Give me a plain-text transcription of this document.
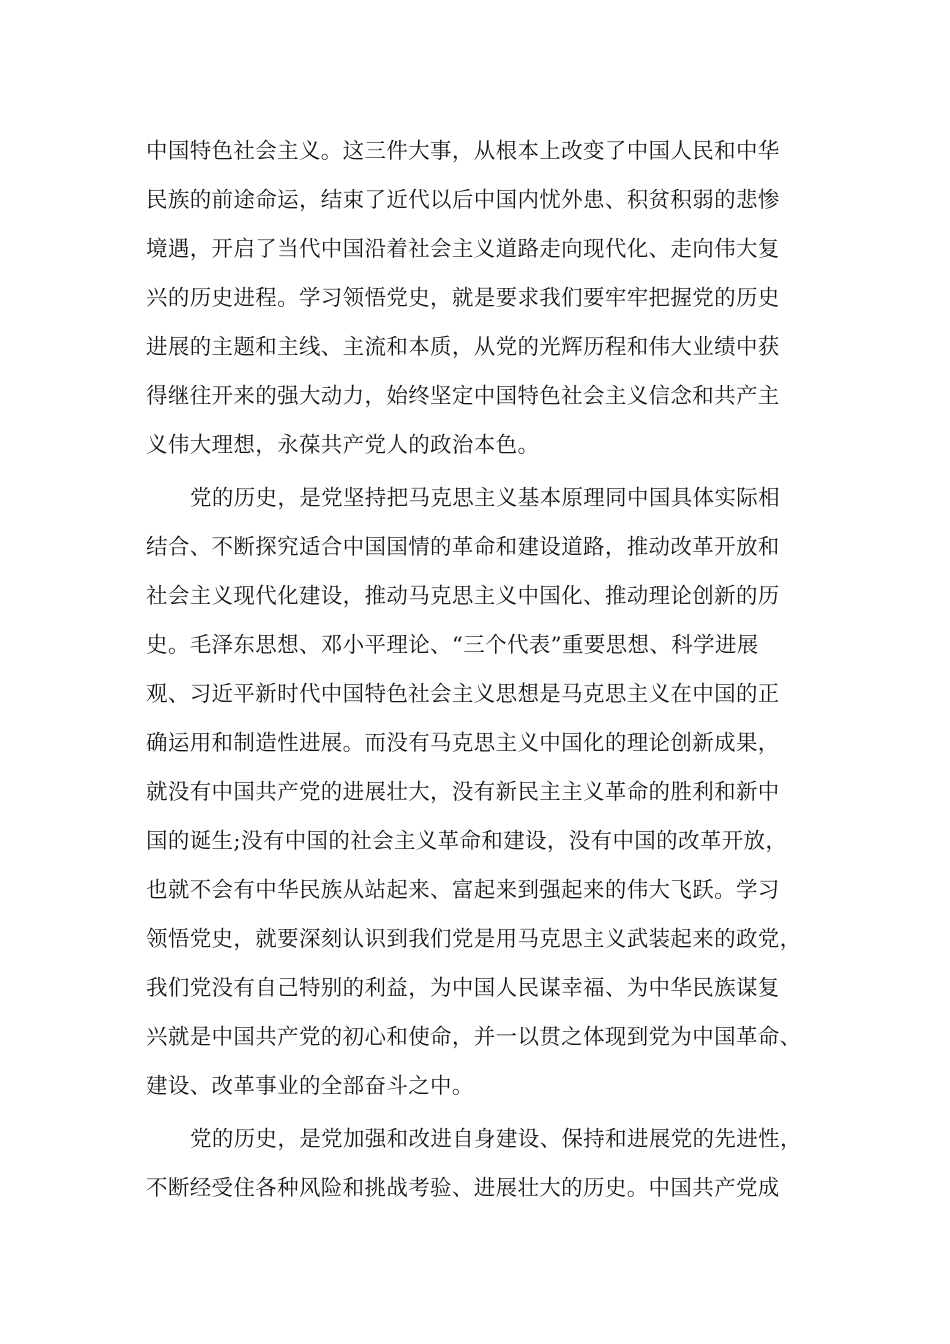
中国特色社会主义。这三件大事，从根本上改变了中国人民和中华
民族的前途命运，结束了近代以后中国内忧外患、积贫积弱的悲惨
境遇，开启了当代中国沿着社会主义道路走向现代化、走向伟大复
兴的历史进程。学习领悟党史，就是要求我们要牢牢把握党的历史
进展的主题和主线、主流和本质，从党的光辉历程和伟大业绩中获
得继往开来的强大动力，始终坚定中国特色社会主义信念和共产主
义伟大理想，永葆共产党人的政治本色。
党的历史，是党坚持把马克思主义基本原理同中国具体实际相
结合、不断探究适合中国国情的革命和建设道路，推动改革开放和
社会主义现代化建设，推动马克思主义中国化、推动理论创新的历
史。毛泽东思想、邓小平理论、“三个代表”重要思想、科学进展
观、习近平新时代中国特色社会主义思想是马克思主义在中国的正
确运用和制造性进展。而没有马克思主义中国化的理论创新成果，
就没有中国共产党的进展壮大，没有新民主主义革命的胜利和新中
国的诞生;没有中国的社会主义革命和建设，没有中国的改革开放，
也就不会有中华民族从站起来、富起来到强起来的伟大飞跃。学习
领悟党史，就要深刻认识到我们党是用马克思主义武装起来的政党，
我们党没有自己特别的利益，为中国人民谋幸福、为中华民族谋复
兴就是中国共产党的初心和使命，并一以贯之体现到党为中国革命、
建设、改革事业的全部奋斗之中。
党的历史，是党加强和改进自身建设、保持和进展党的先进性，
不断经受住各种风险和挑战考验、进展壮大的历史。中国共产党成
